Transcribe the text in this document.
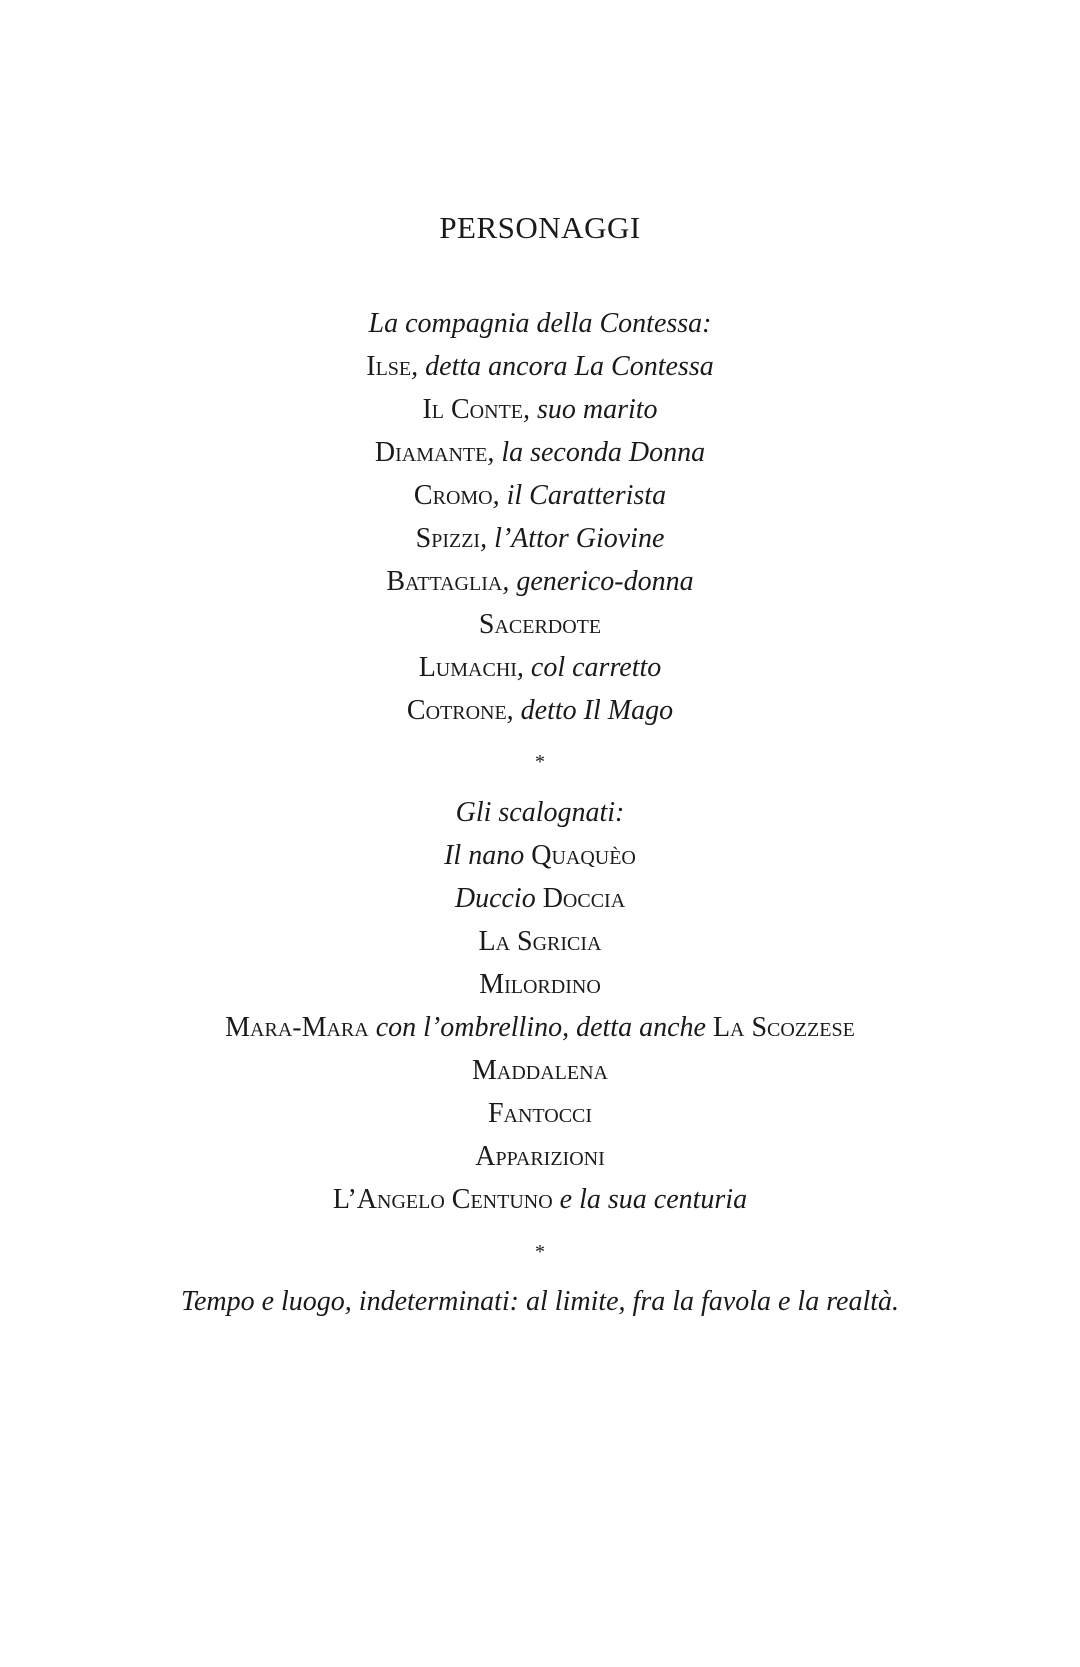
PERSONAGGI
La compagnia della Contessa:
Ilse, detta ancora La Contessa
Il Conte, suo marito
Diamante, la seconda Donna
Cromo, il Caratterista
Spizzi, l’Attor Giovine
Battaglia, generico-donna
Sacerdote
Lumachi, col carretto
Cotrone, detto Il Mago
*
Gli scalognati:
Il nano Quaquèo
Duccio Doccia
La Sgricia
Milordino
Mara-Mara con l’ombrellino, detta anche La Scozzese
Maddalena
Fantocci
Apparizioni
L’Angelo Centuno e la sua centuria
*
Tempo e luogo, indeterminati: al limite, fra la favola e la realtà.
